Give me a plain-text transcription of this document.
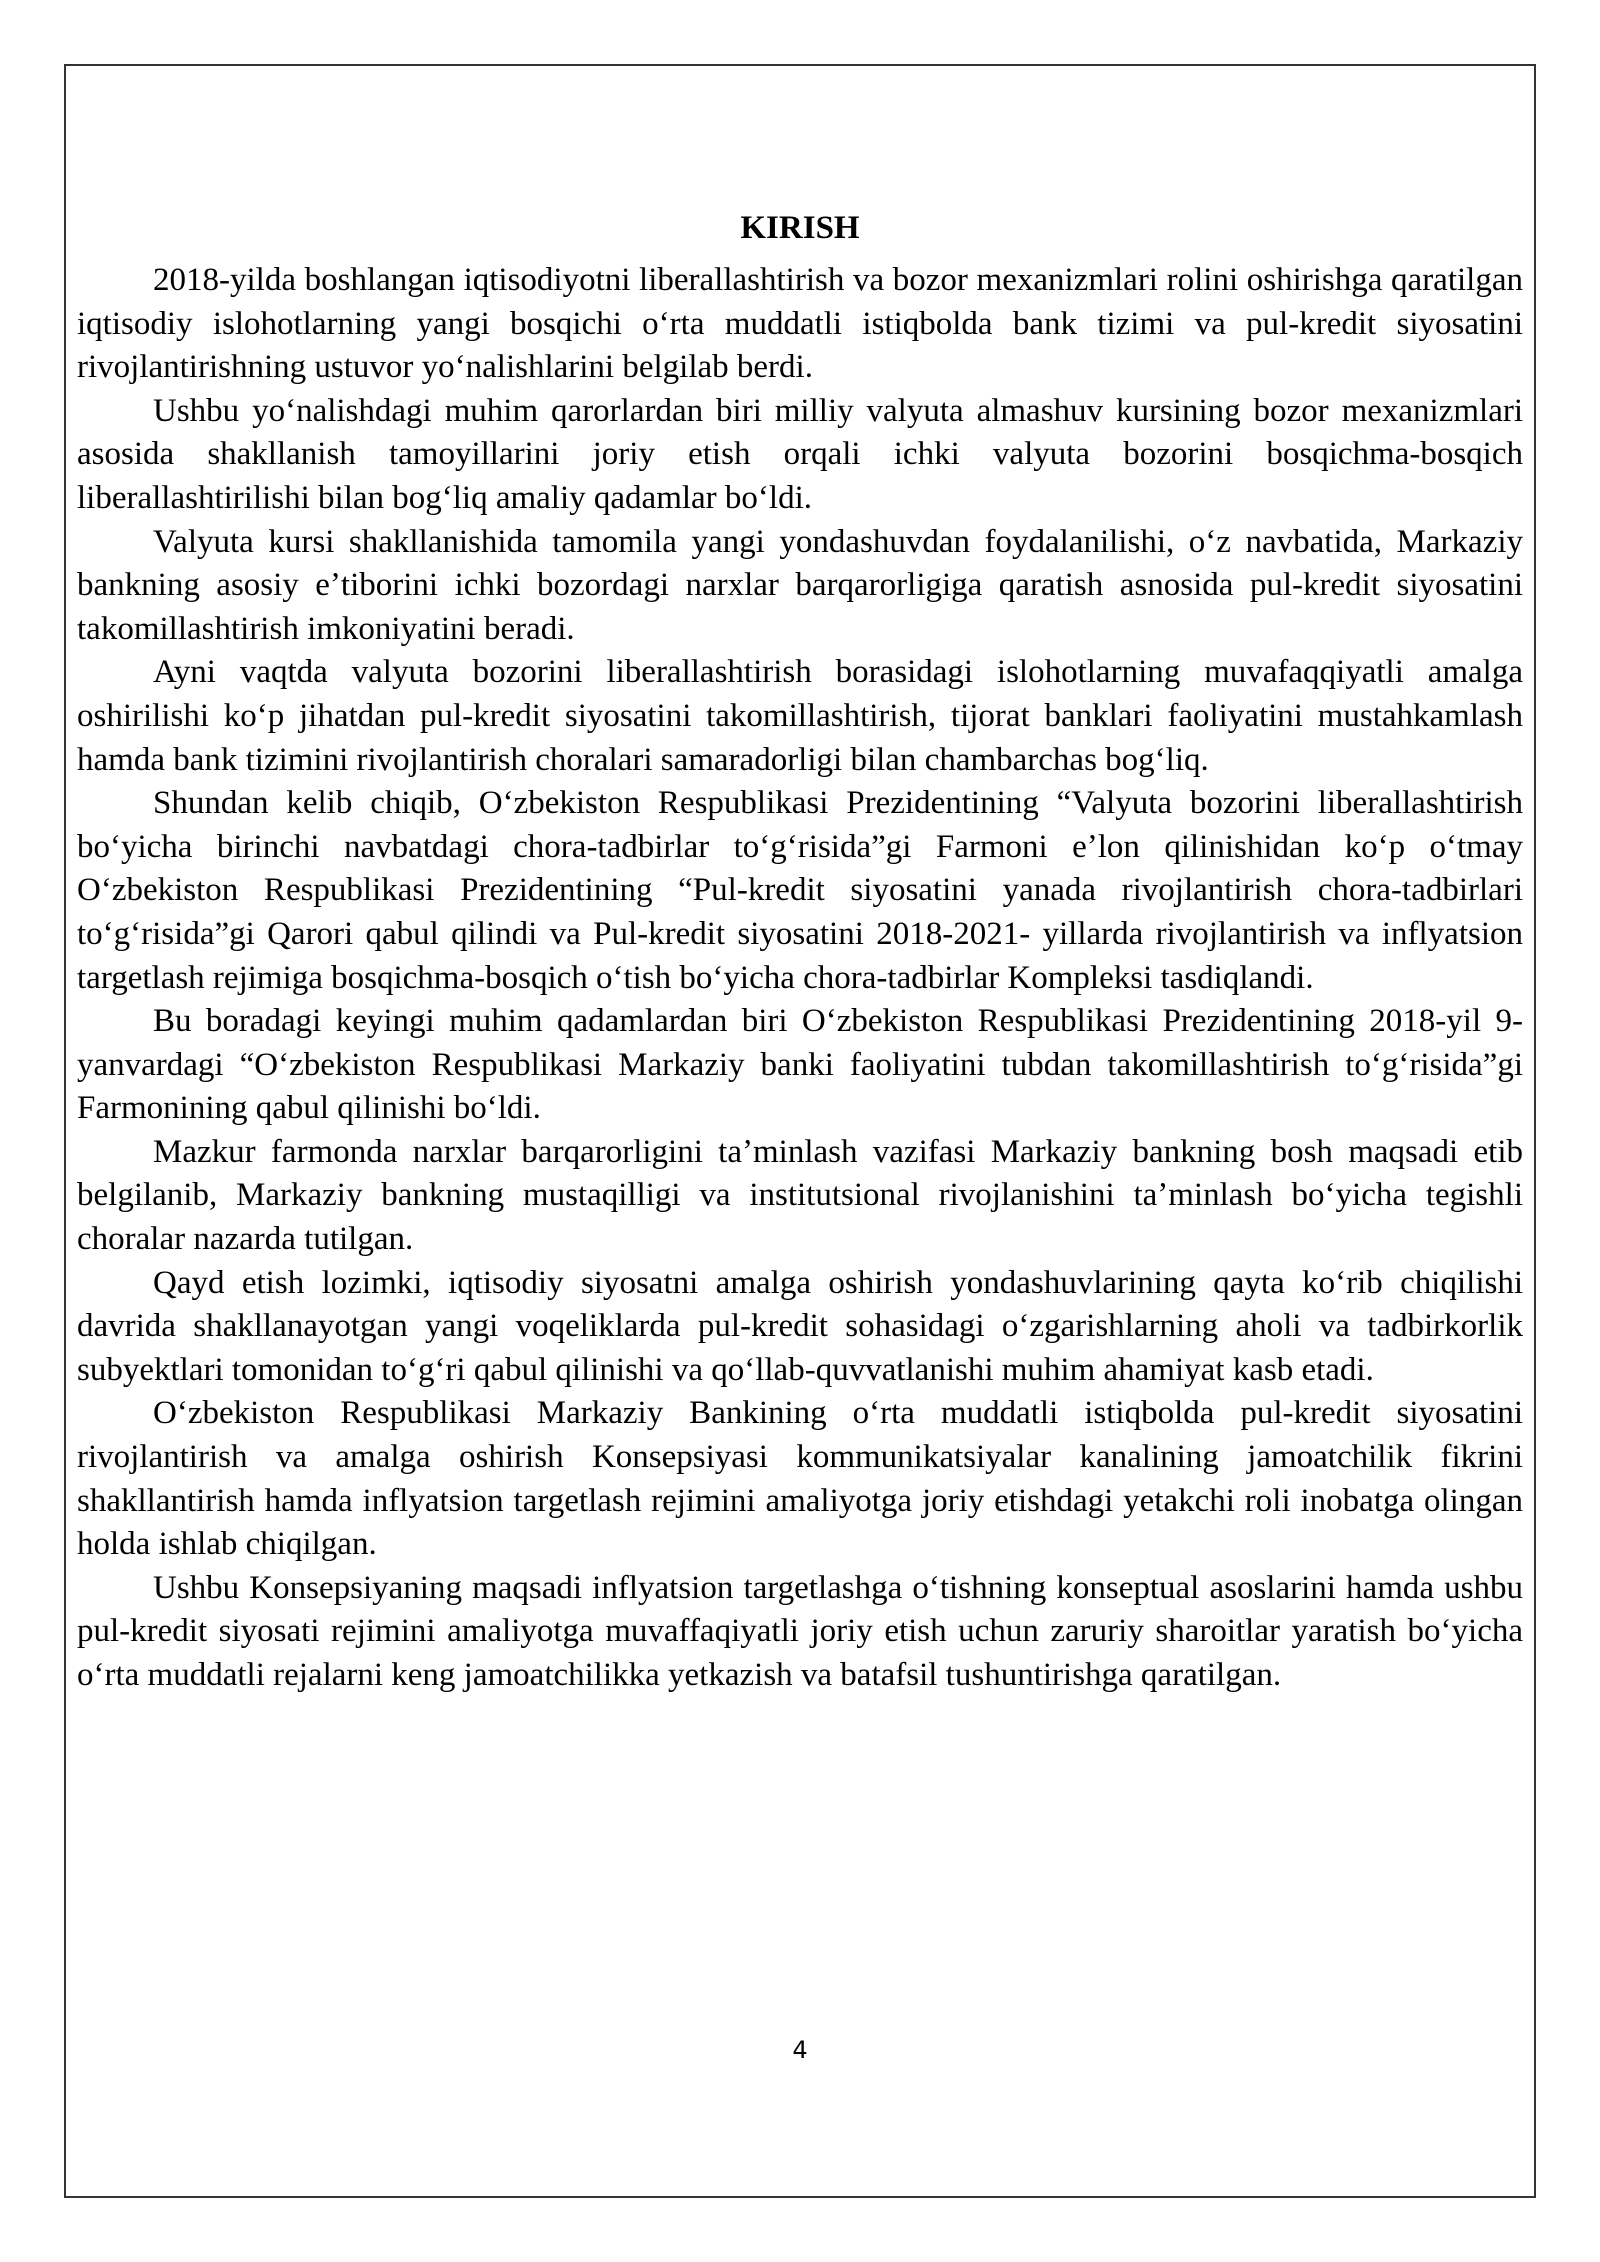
KIRISH

2018-yilda boshlangan iqtisodiyotni liberallashtirish va bozor mexanizmlari rolini oshirishga qaratilgan iqtisodiy islohotlarning yangi bosqichi oʻrta muddatli istiqbolda bank tizimi va pul-kredit siyosatini rivojlantirishning ustuvor yoʻnalishlarini belgilab berdi.

Ushbu yoʻnalishdagi muhim qarorlardan biri milliy valyuta almashuv kursining bozor mexanizmlari asosida shakllanish tamoyillarini joriy etish orqali ichki valyuta bozorini bosqichma-bosqich liberallashtirilishi bilan bogʻliq amaliy qadamlar boʻldi.

Valyuta kursi shakllanishida tamomila yangi yondashuvdan foydalanilishi, oʻz navbatida, Markaziy bankning asosiy eʼtiborini ichki bozordagi narxlar barqarorligiga qaratish asnosida pul-kredit siyosatini takomillashtirish imkoniyatini beradi.

Ayni vaqtda valyuta bozorini liberallashtirish borasidagi islohotlarning muvafaqqiyatli amalga oshirilishi koʻp jihatdan pul-kredit siyosatini takomillashtirish, tijorat banklari faoliyatini mustahkamlash hamda bank tizimini rivojlantirish choralari samaradorligi bilan chambarchas bogʻliq.

Shundan kelib chiqib, Oʻzbekiston Respublikasi Prezidentining “Valyuta bozorini liberallashtirish boʻyicha birinchi navbatdagi chora-tadbirlar toʻgʻrisida”gi Farmoni eʼlon qilinishidan koʻp oʻtmay Oʻzbekiston Respublikasi Prezidentining “Pul-kredit siyosatini yanada rivojlantirish chora-tadbirlari toʻgʻrisida”gi Qarori qabul qilindi va Pul-kredit siyosatini 2018-2021- yillarda rivojlantirish va inflyatsion targetlash rejimiga bosqichma-bosqich oʻtish boʻyicha chora-tadbirlar Kompleksi tasdiqlandi.

Bu boradagi keyingi muhim qadamlardan biri Oʻzbekiston Respublikasi Prezidentining 2018-yil 9-yanvardagi “Oʻzbekiston Respublikasi Markaziy banki faoliyatini tubdan takomillashtirish toʻgʻrisida”gi Farmonining qabul qilinishi boʻldi.

Mazkur farmonda narxlar barqarorligini taʼminlash vazifasi Markaziy bankning bosh maqsadi etib belgilanib, Markaziy bankning mustaqilligi va institutsional rivojlanishini taʼminlash boʻyicha tegishli choralar nazarda tutilgan.

Qayd etish lozimki, iqtisodiy siyosatni amalga oshirish yondashuvlarining qayta koʻrib chiqilishi davrida shakllanayotgan yangi voqeliklarda pul-kredit sohasidagi oʻzgarishlarning aholi va tadbirkorlik subyektlari tomonidan toʻgʻri qabul qilinishi va qoʻllab-quvvatlanishi muhim ahamiyat kasb etadi.

Oʻzbekiston Respublikasi Markaziy Bankining oʻrta muddatli istiqbolda pul-kredit siyosatini rivojlantirish va amalga oshirish Konsepsiyasi kommunikatsiyalar kanalining jamoatchilik fikrini shakllantirish hamda inflyatsion targetlash rejimini amaliyotga joriy etishdagi yetakchi roli inobatga olingan holda ishlab chiqilgan.

Ushbu Konsepsiyaning maqsadi inflyatsion targetlashga oʻtishning konseptual asoslarini hamda ushbu pul-kredit siyosati rejimini amaliyotga muvaffaqiyatli joriy etish uchun zaruriy sharoitlar yaratish boʻyicha oʻrta muddatli rejalarni keng jamoatchilikka yetkazish va batafsil tushuntirishga qaratilgan.

4
